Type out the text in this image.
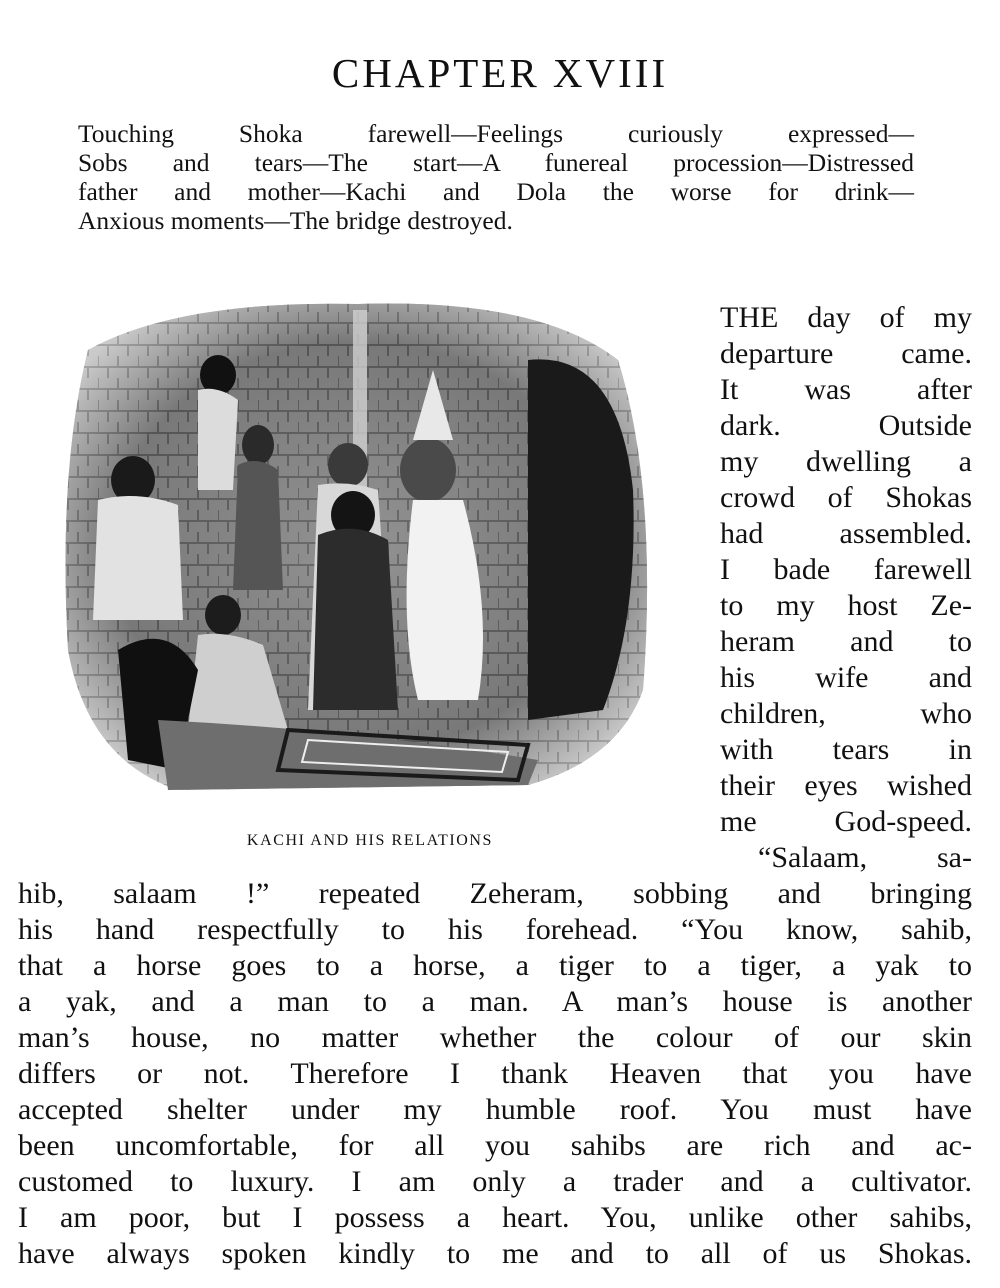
CHAPTER XVIII
Touching Shoka farewell—Feelings curiously expressed—
Sobs and tears—The start—A funereal procession—Distressed
father and mother—Kachi and Dola the worse for drink—
Anxious moments—The bridge destroyed.
KACHI AND HIS RELATIONS
THE day of my
departure came.
It was after
dark. Outside
my dwelling a
crowd of Shokas
had assembled.
I bade farewell
to my host Ze-
heram and to
his wife and
children, who
with tears in
their eyes wished
me God-speed.
“Salaam, sa-
hib, salaam !” repeated Zeheram, sobbing and bringing
his hand respectfully to his forehead. “You know, sahib,
that a horse goes to a horse, a tiger to a tiger, a yak to
a yak, and a man to a man. A man’s house is another
man’s house, no matter whether the colour of our skin
differs or not. Therefore I thank Heaven that you have
accepted shelter under my humble roof. You must have
been uncomfortable, for all you sahibs are rich and ac-
customed to luxury. I am only a trader and a cultivator.
I am poor, but I possess a heart. You, unlike other sahibs,
have always spoken kindly to me and to all of us Shokas.
